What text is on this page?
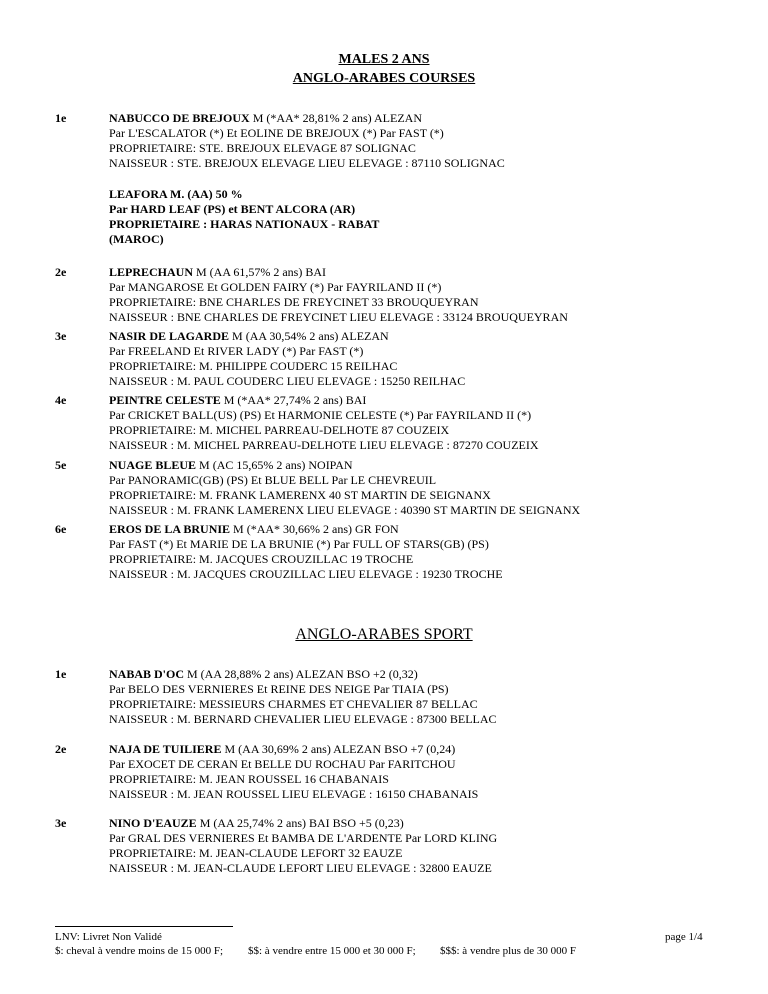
MALES 2 ANS
ANGLO-ARABES COURSES
1e	NABUCCO DE BREJOUX M (*AA* 28,81% 2 ans) ALEZAN
Par L'ESCALATOR (*) Et EOLINE DE BREJOUX (*) Par FAST (*)
PROPRIETAIRE: STE. BREJOUX ELEVAGE 87 SOLIGNAC
NAISSEUR : STE. BREJOUX ELEVAGE LIEU ELEVAGE : 87110 SOLIGNAC
LEAFORA M. (AA) 50 %
Par HARD LEAF (PS) et BENT ALCORA (AR)
PROPRIETAIRE : HARAS NATIONAUX - RABAT
(MAROC)
2e	LEPRECHAUN M (AA 61,57% 2 ans) BAI
Par MANGAROSE Et GOLDEN FAIRY (*) Par FAYRILAND II (*)
PROPRIETAIRE: BNE CHARLES DE FREYCINET 33 BROUQUEYRAN
NAISSEUR : BNE CHARLES DE FREYCINET LIEU ELEVAGE : 33124 BROUQUEYRAN
3e	NASIR DE LAGARDE M (AA 30,54% 2 ans) ALEZAN
Par FREELAND Et RIVER LADY (*) Par FAST (*)
PROPRIETAIRE: M. PHILIPPE COUDERC 15 REILHAC
NAISSEUR : M. PAUL COUDERC LIEU ELEVAGE : 15250 REILHAC
4e	PEINTRE CELESTE M (*AA* 27,74% 2 ans) BAI
Par CRICKET BALL(US) (PS) Et HARMONIE CELESTE (*) Par FAYRILAND II (*)
PROPRIETAIRE: M. MICHEL PARREAU-DELHOTE 87 COUZEIX
NAISSEUR : M. MICHEL PARREAU-DELHOTE LIEU ELEVAGE : 87270 COUZEIX
5e	NUAGE BLEUE M (AC 15,65% 2 ans) NOIPAN
Par PANORAMIC(GB) (PS) Et BLUE BELL Par LE CHEVREUIL
PROPRIETAIRE: M. FRANK LAMERENX 40 ST MARTIN DE SEIGNANX
NAISSEUR : M. FRANK LAMERENX LIEU ELEVAGE : 40390 ST MARTIN DE SEIGNANX
6e	EROS DE LA BRUNIE M (*AA* 30,66% 2 ans) GR FON
Par FAST (*) Et MARIE DE LA BRUNIE (*) Par FULL OF STARS(GB) (PS)
PROPRIETAIRE: M. JACQUES CROUZILLAC 19 TROCHE
NAISSEUR : M. JACQUES CROUZILLAC LIEU ELEVAGE : 19230 TROCHE
ANGLO-ARABES SPORT
1e	NABAB D'OC M (AA 28,88% 2 ans) ALEZAN BSO +2 (0,32)
Par BELO DES VERNIERES Et REINE DES NEIGE Par TIAIA (PS)
PROPRIETAIRE: MESSIEURS CHARMES ET CHEVALIER 87 BELLAC
NAISSEUR : M. BERNARD CHEVALIER LIEU ELEVAGE : 87300 BELLAC
2e	NAJA DE TUILIERE M (AA 30,69% 2 ans) ALEZAN BSO +7 (0,24)
Par EXOCET DE CERAN Et BELLE DU ROCHAU Par FARITCHOU
PROPRIETAIRE: M. JEAN ROUSSEL 16 CHABANAIS
NAISSEUR : M. JEAN ROUSSEL LIEU ELEVAGE : 16150 CHABANAIS
3e	NINO D'EAUZE M (AA 25,74% 2 ans) BAI BSO +5 (0,23)
Par GRAL DES VERNIERES Et BAMBA DE L'ARDENTE Par LORD KLING
PROPRIETAIRE: M. JEAN-CLAUDE LEFORT 32 EAUZE
NAISSEUR : M. JEAN-CLAUDE LEFORT LIEU ELEVAGE : 32800 EAUZE
LNV: Livret Non Validé
$: cheval à vendre moins de 15 000 F; $$: à vendre entre 15 000 et 30 000 F; $$$: à vendre plus de 30 000 F
page 1/4
